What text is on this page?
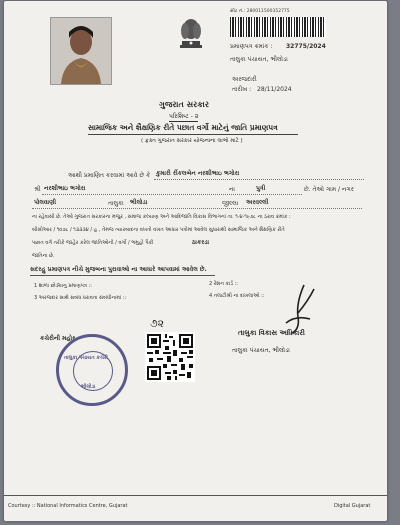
સીટ નં.: 280011500352775
પ્રમાણપત્ર ક્રમાંક : 32775/2024
તાલુકા પંચાયત, ભીલોડા
અરજદારી
તારીખ : 28/11/2024
ગુજરાત સરકાર
પરિશિષ્ટ - ૨
સામાજિક અને શૈક્ષણિક રીતે પછાત વર્ગો માટેનું જાતિ પ્રમાણપત્ર
( ફક્ત ગુજરાત સરકાર યોજનાના લાભો માટે )
આથી પ્રમાણિત કરવામાં આવે છે કે કુમારી રીંકલબેન નરશીભાઇ ભગોરા
શ્રી નરશીભાઇ ભગોરા	ના	પુત્રી	છે. તેઓ ગામ / નગર
પોલવાણી	તાલુકા ભીલોડા	જીલ્લા અરવલ્લી
ના રહેવાસી છે. તેઓ ગુજરાત સરકારના મજુર , સમાજ કલ્યાણ અને આદિજાતિ વિકાસ વિભાગનાં તા. ૧-૪-૧૯૭૮ ના ઠરાવ ક્રમાંક :
બીસીઆર / ૧૦૭૮ / ૧૩૩૩૪ / હ , તેમજ ત્યારબાદના વખતો વખત આધાર પત્રોમાં આવેલ સુધારાથી સામાજિક અને શૈક્ષણિક રીતે
પછાત વર્ગ તરીકે જાહેર કરેલ જાતિઓની / વર્ગો / ભમુહો પૈકી	ઠાકરડા
જાતિના છે.
સદરહુ પ્રમાણપત્ર નીચે મુજબના પુરાવાઓ ના આધારે આપવામાં આવેલ છે.
1 શાળા છોડ્યાનુ પ્રમાણપત્ર ::	2 રેશન કાર્ડ ::
3 અરજદાર સાથે સબંધ ધરાવતા સંબંધીનામાં ::	4 તલાટીશ્રી ના દાખલાઓ ::
૭૨
કચેરીની મહોર
તાલુકા પંચાયત કચેરી
ભીલોડા
તાલુકા વિકાસ અધિકારી
તાલુકા પંચાયત, ભીલોડા
Courtesy :: National Informatics Centre, Gujarat	Digital Gujarat
